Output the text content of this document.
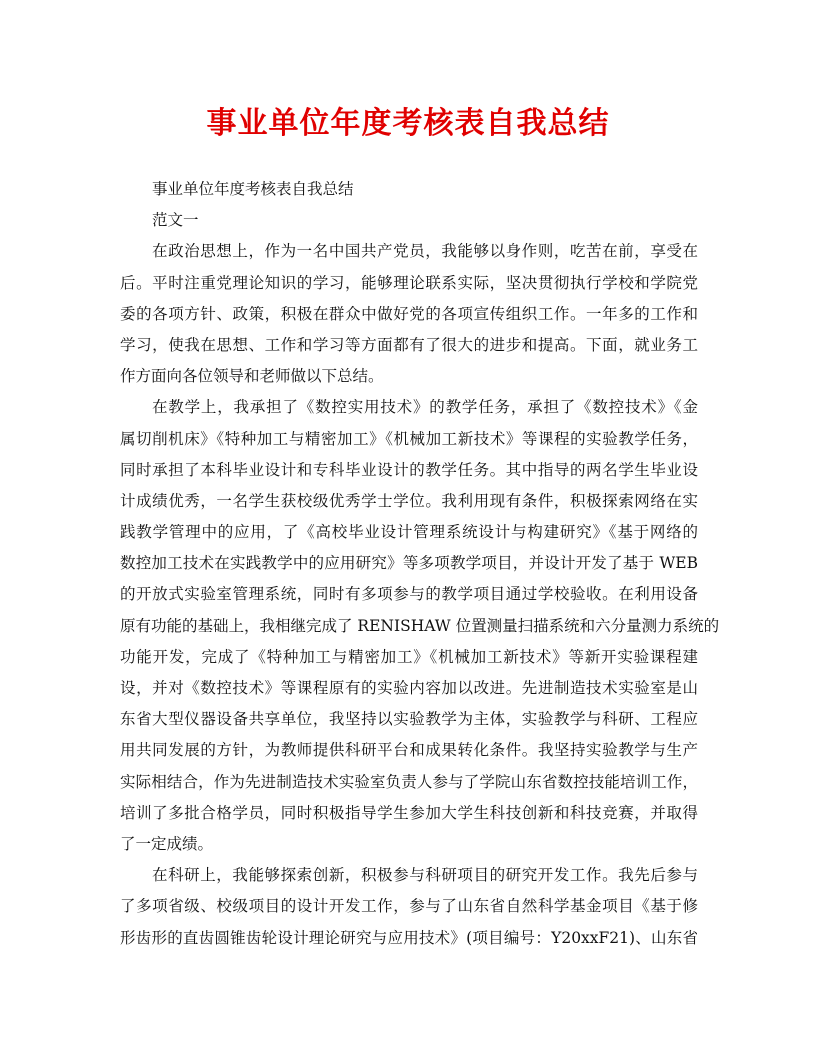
事业单位年度考核表自我总结
事业单位年度考核表自我总结
范文一
在政治思想上，作为一名中国共产党员，我能够以身作则，吃苦在前，享受在
后。平时注重党理论知识的学习，能够理论联系实际，坚决贯彻执行学校和学院党
委的各项方针、政策，积极在群众中做好党的各项宣传组织工作。一年多的工作和
学习，使我在思想、工作和学习等方面都有了很大的进步和提高。下面，就业务工
作方面向各位领导和老师做以下总结。
在教学上，我承担了《数控实用技术》的教学任务，承担了《数控技术》《金
属切削机床》《特种加工与精密加工》《机械加工新技术》等课程的实验教学任务，
同时承担了本科毕业设计和专科毕业设计的教学任务。其中指导的两名学生毕业设
计成绩优秀，一名学生获校级优秀学士学位。我利用现有条件，积极探索网络在实
践教学管理中的应用，了《高校毕业设计管理系统设计与构建研究》《基于网络的
数控加工技术在实践教学中的应用研究》等多项教学项目，并设计开发了基于 WEB
的开放式实验室管理系统，同时有多项参与的教学项目通过学校验收。在利用设备
原有功能的基础上，我相继完成了 RENISHAW 位置测量扫描系统和六分量测力系统的
功能开发，完成了《特种加工与精密加工》《机械加工新技术》等新开实验课程建
设，并对《数控技术》等课程原有的实验内容加以改进。先进制造技术实验室是山
东省大型仪器设备共享单位，我坚持以实验教学为主体，实验教学与科研、工程应
用共同发展的方针，为教师提供科研平台和成果转化条件。我坚持实验教学与生产
实际相结合，作为先进制造技术实验室负责人参与了学院山东省数控技能培训工作，
培训了多批合格学员，同时积极指导学生参加大学生科技创新和科技竞赛，并取得
了一定成绩。
在科研上，我能够探索创新，积极参与科研项目的研究开发工作。我先后参与
了多项省级、校级项目的设计开发工作，参与了山东省自然科学基金项目《基于修
形齿形的直齿圆锥齿轮设计理论研究与应用技术》(项目编号：Y20xxF21)、山东省
